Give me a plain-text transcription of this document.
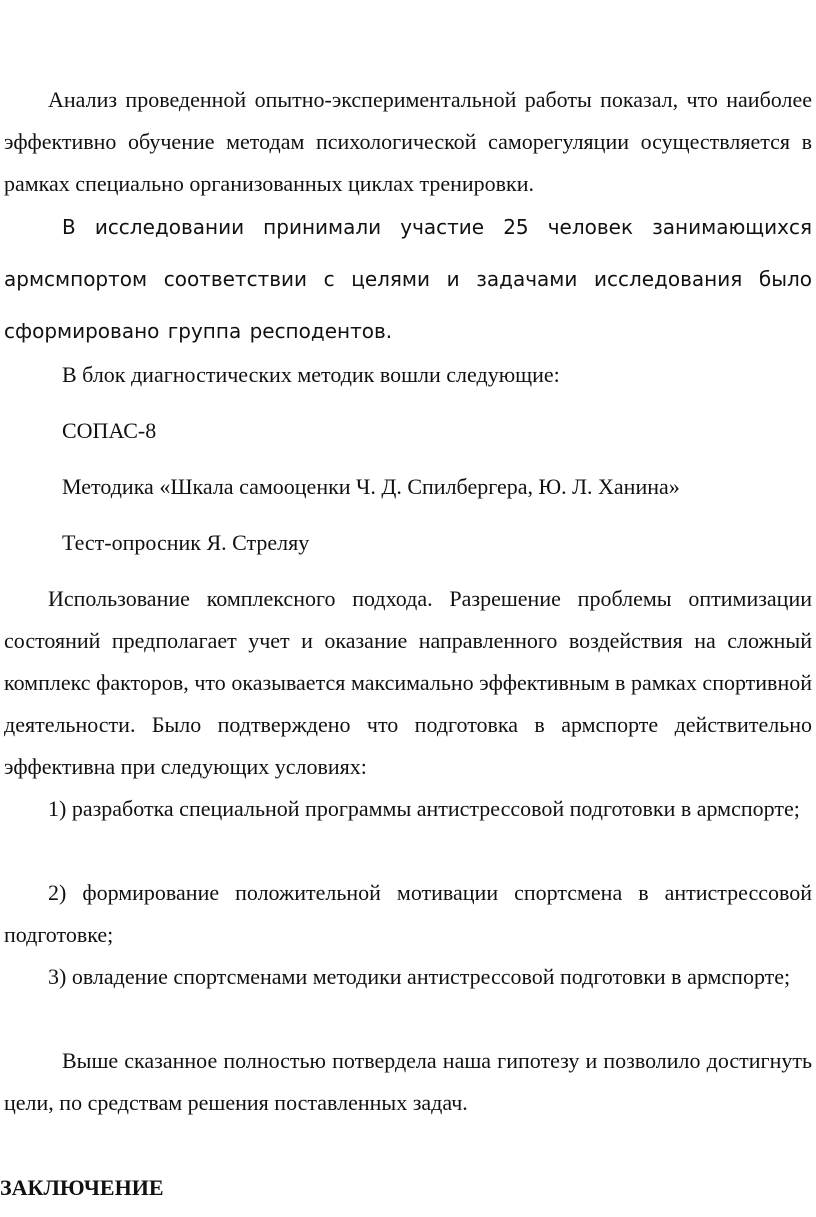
Анализ проведенной опытно-экспериментальной работы показал, что наиболее эффективно обучение методам психологической саморегуляции осуществляется в рамках специально организованных циклах тренировки.

В исследовании принимали участие 25 человек занимающихся армсмпортом соответствии с целями и задачами исследования было сформировано группа респодентов.

В блок диагностических методик вошли следующие:

СОПАС-8

Методика «Шкала самооценки Ч. Д. Спилбергера, Ю. Л. Ханина»

Тест-опросник Я. Стреляу

Использование комплексного подхода. Разрешение проблемы оптимизации состояний предполагает учет и оказание направленного воздействия на сложный комплекс факторов, что оказывается максимально эффективным в рамках спортивной деятельности. Было подтверждено что подготовка в армспорте действительно эффективна при следующих условиях:

1) разработка специальной программы антистрессовой подготовки в армспорте;

2) формирование положительной мотивации спортсмена в антистрессовой подготовке;

3) овладение спортсменами методики антистрессовой подготовки в армспорте;

Выше сказанное полностью потвердела наша гипотезу и позволило достигнуть цели, по средствам решения поставленных задач.

ЗАКЛЮЧЕНИЕ
